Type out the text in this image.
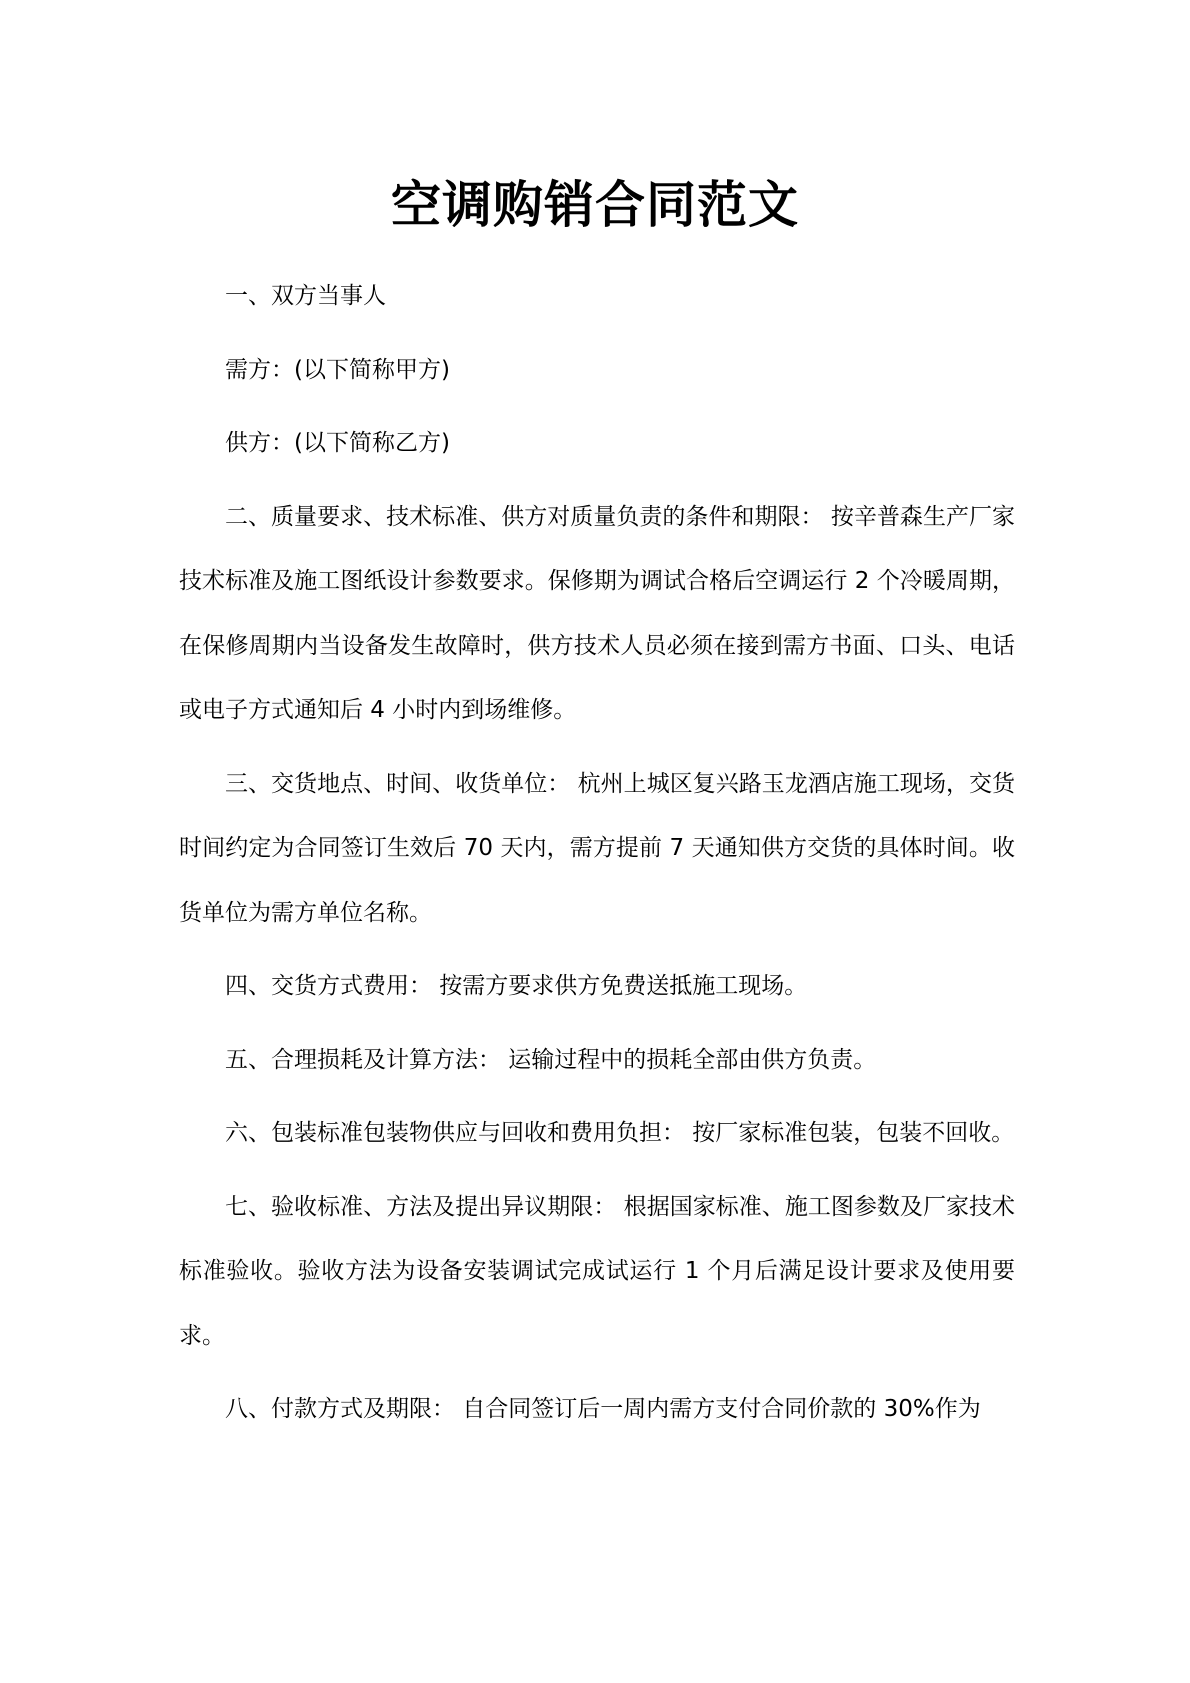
空调购销合同范文

一、双方当事人

需方：(以下简称甲方)

供方：(以下简称乙方)

二、质量要求、技术标准、供方对质量负责的条件和期限： 按辛普森生产厂家技术标准及施工图纸设计参数要求。保修期为调试合格后空调运行 2 个冷暖周期，在保修周期内当设备发生故障时，供方技术人员必须在接到需方书面、口头、电话或电子方式通知后 4 小时内到场维修。

三、交货地点、时间、收货单位： 杭州上城区复兴路玉龙酒店施工现场，交货时间约定为合同签订生效后 70 天内，需方提前 7 天通知供方交货的具体时间。收货单位为需方单位名称。

四、交货方式费用： 按需方要求供方免费送抵施工现场。

五、合理损耗及计算方法： 运输过程中的损耗全部由供方负责。

六、包装标准包装物供应与回收和费用负担： 按厂家标准包装，包装不回收。

七、验收标准、方法及提出异议期限： 根据国家标准、施工图参数及厂家技术标准验收。验收方法为设备安装调试完成试运行 1 个月后满足设计要求及使用要求。

八、付款方式及期限： 自合同签订后一周内需方支付合同价款的 30%作为
